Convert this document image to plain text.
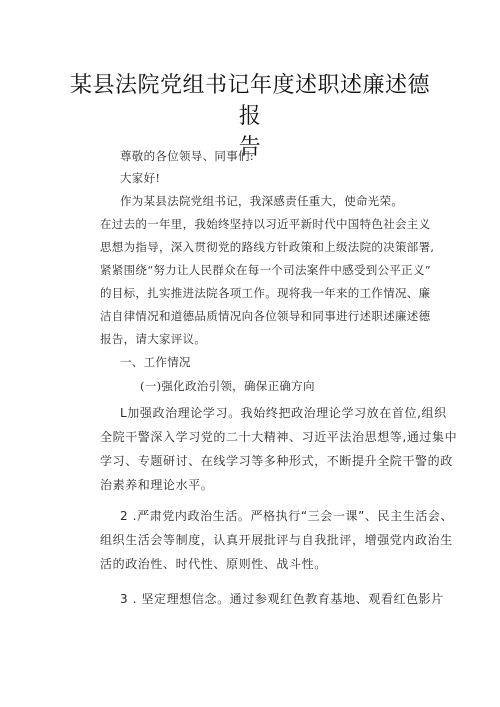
某县法院党组书记年度述职述廉述德报
告
尊敬的各位领导、同事们:
大家好!
作为某县法院党组书记，我深感责任重大，使命光荣。
在过去的一年里，我始终坚持以习近平新时代中国特色社会主义
思想为指导，深入贯彻党的路线方针政策和上级法院的决策部署,
紧紧围绕“努力让人民群众在每一个司法案件中感受到公平正义”
的目标，扎实推进法院各项工作。现将我一年来的工作情况、廉
洁自律情况和道德品质情况向各位领导和同事进行述职述廉述德
报告，请大家评议。
一、工作情况
(一)强化政治引领，确保正确方向
L加强政治理论学习。我始终把政治理论学习放在首位,组织
全院干警深入学习党的二十大精神、习近平法治思想等,通过集中
学习、专题研讨、在线学习等多种形式，不断提升全院干警的政
治素养和理论水平。
2 .严肃党内政治生活。严格执行“三会一课”、民主生活会、
组织生活会等制度，认真开展批评与自我批评，增强党内政治生
活的政治性、时代性、原则性、战斗性。
3 . 坚定理想信念。通过参观红色教育基地、观看红色影片
